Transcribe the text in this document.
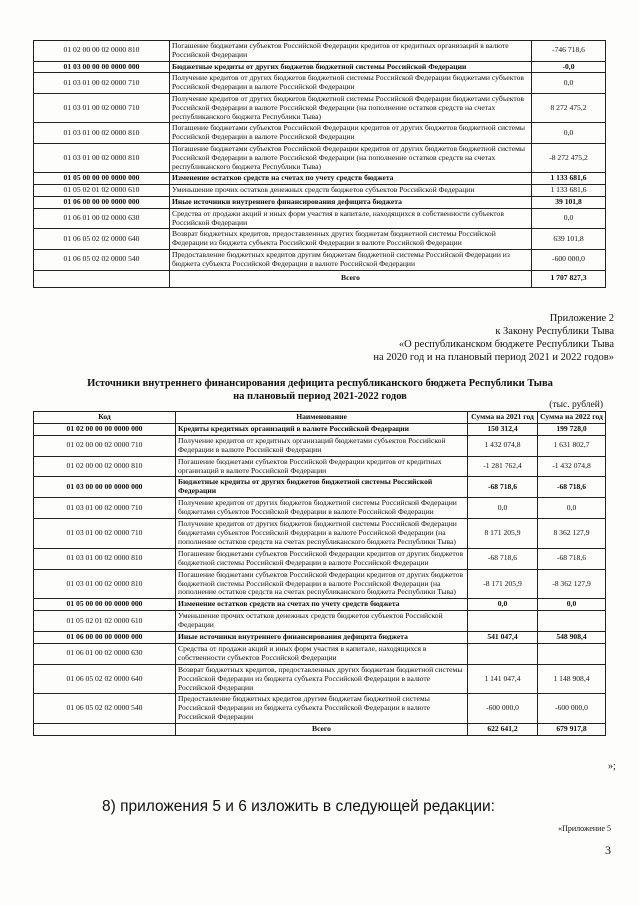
01 02 00 00 02 0000 810	Погашение бюджетами субъектов Российской Федерации кредитов от кредитных организаций в валюте Российской Федерации	-746 718,6
01 03 00 00 00 0000 000	Бюджетные кредиты от других бюджетов бюджетной системы Российской Федерации	-0,0
01 03 01 00 02 0000 710	Получение кредитов от других бюджетов бюджетной системы Российской Федерации бюджетами субъектов Российской Федерации в валюте Российской Федерации	0,0
01 03 01 00 02 0000 710	Получение кредитов от других бюджетов бюджетной системы Российской Федерации бюджетами субъектов Российской Федерации в валюте Российской Федерации (на пополнение остатков средств на счетах республиканского бюджета Республики Тыва)	8 272 475,2
01 03 01 00 02 0000 810	Погашение бюджетами субъектов Российской Федерации кредитов от других бюджетов бюджетной системы Российской Федерации в валюте Российской Федерации	0,0
01 03 01 00 02 0000 810	Погашение бюджетами субъектов Российской Федерации кредитов от других бюджетов бюджетной системы Российской Федерации в валюте Российской Федерации (на пополнение остатков средств на счетах республиканского бюджета Республики Тыва)	-8 272 475,2
01 05 00 00 00 0000 000	Изменение остатков средств на счетах по учету средств бюджета	1 133 681,6
01 05 02 01 02 0000 610	Уменьшение прочих остатков денежных средств бюджетов субъектов Российской Федерации	1 133 681,6
01 06 00 00 00 0000 000	Иные источники внутреннего финансирования дефицита бюджета	39 101,8
01 06 01 00 02 0000 630	Средства от продажи акций и иных форм участия в капитале, находящихся в собственности субъектов Российской Федерации	0,0
01 06 05 02 02 0000 640	Возврат бюджетных кредитов, предоставленных других бюджетам бюджетной системы Российской Федерации из бюджета субъекта Российской Федерации в валюте Российской Федерации	639 101,8
01 06 05 02 02 0000 540	Предоставление бюджетных кредитов другим бюджетам бюджетной системы Российской Федерации из бюджета субъекта Российской Федерации в валюте Российской Федерации	-600 000,0
	Всего	1 707 827,3
Приложение 2
к Закону Республики Тыва
«О республиканском бюджете Республики Тыва
на 2020 год и на плановый период 2021 и 2022 годов»
Источники внутреннего финансирования дефицита республиканского бюджета Республики Тыва
на плановый период 2021-2022 годов
(тыс. рублей)
Код	Наименование	Сумма на 2021 год	Сумма на 2022 год
01 02 00 00 00 0000 000	Кредиты кредитных организаций в валюте Российской Федерации	150 312,4	199 728,0
01 02 00 00 02 0000 710	Получение кредитов от кредитных организаций бюджетами субъектов Российской Федерации в валюте Российской Федерации	1 432 074,8	1 631 802,7
01 02 00 00 02 0000 810	Погашение бюджетами субъектов Российской Федерации кредитов от кредитных организаций в валюте Российской Федерации	-1 281 762,4	-1 432 074,8
01 03 00 00 00 0000 000	Бюджетные кредиты от других бюджетов бюджетной системы Российской Федерации	-68 718,6	-68 718,6
01 03 01 00 02 0000 710	Получение кредитов от других бюджетов бюджетной системы Российской Федерации бюджетами субъектов Российской Федерации в валюте Российской Федерации	0,0	0,0
01 03 01 00 02 0000 710	Получение кредитов от других бюджетов бюджетной системы Российской Федерации бюджетами субъектов Российской Федерации в валюте Российской Федерации (на пополнение остатков средств на счетах республиканского бюджета Республики Тыва)	8 171 205,9	8 362 127,9
01 03 01 00 02 0000 810	Погашение бюджетами субъектов Российской Федерации кредитов от других бюджетов бюджетной системы Российской Федерации в валюте Российской Федерации	-68 718,6	-68 718,6
01 03 01 00 02 0000 810	Погашение бюджетами субъектов Российской Федерации кредитов от других бюджетов бюджетной системы Российской Федерации в валюте Российской Федерации (на пополнение остатков средств на счетах республиканского бюджета Республики Тыва)	-8 171 205,9	-8 362 127,9
01 05 00 00 00 0000 000	Изменение остатков средств на счетах по учету средств бюджета	0,0	0,0
01 05 02 01 02 0000 610	Уменьшение прочих остатков денежных средств бюджетов субъектов Российской Федерации		
01 06 00 00 00 0000 000	Иные источники внутреннего финансирования дефицита бюджета	541 047,4	548 908,4
01 06 01 00 02 0000 630	Средства от продажи акций и иных форм участия в капитале, находящихся в собственности субъектов Российской Федерации		
01 06 05 02 02 0000 640	Возврат бюджетных кредитов, предоставленных других бюджетам бюджетной системы Российской Федерации из бюджета субъекта Российской Федерации в валюте Российской Федерации	1 141 047,4	1 148 908,4
01 06 05 02 02 0000 540	Предоставление бюджетных кредитов другим бюджетам бюджетной системы Российской Федерации из бюджета субъекта Российской Федерации в валюте Российской Федерации	-600 000,0	-600 000,0
	Всего	622 641,2	679 917,8
»;
8) приложения 5 и 6 изложить в следующей редакции:
«Приложение 5
3
